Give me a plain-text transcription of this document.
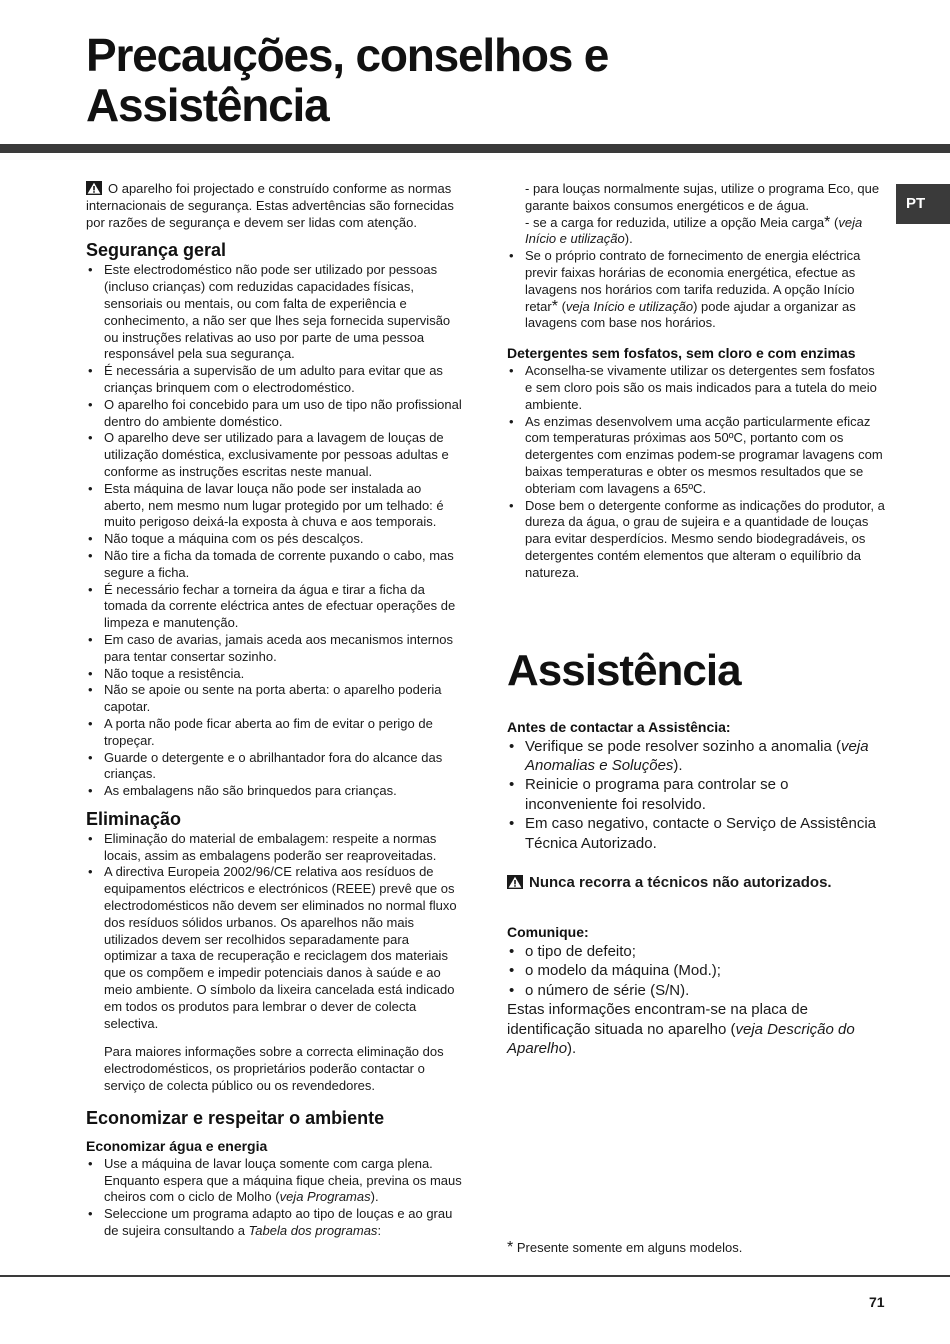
Precauções, conselhos e
Assistência
PT

O aparelho foi projectado e construído conforme as normas internacionais de segurança. Estas advertências são fornecidas por razões de segurança e devem ser lidas com atenção.

Segurança geral
• Este electrodoméstico não pode ser utilizado por pessoas (incluso crianças) com reduzidas capacidades físicas, sensoriais ou mentais, ou com falta de experiência e conhecimento, a não ser que lhes seja fornecida supervisão ou instruções relativas ao uso por parte de uma pessoa responsável pela sua segurança.
• É necessária a supervisão de um adulto para evitar que as crianças brinquem com o electrodoméstico.
• O aparelho foi concebido para um uso de tipo não profissional dentro do ambiente doméstico.
• O aparelho deve ser utilizado para a lavagem de louças de utilização doméstica, exclusivamente por pessoas adultas e conforme as instruções escritas neste manual.
• Esta máquina de lavar louça não pode ser instalada ao aberto, nem mesmo num lugar protegido por um telhado: é muito perigoso deixá-la exposta à chuva e aos temporais.
• Não toque a máquina com os pés descalços.
• Não tire a ficha da tomada de corrente puxando o cabo, mas segure a ficha.
• É necessário fechar a torneira da água e tirar a ficha da tomada da corrente eléctrica antes de efectuar operações de limpeza e manutenção.
• Em caso de avarias, jamais aceda aos mecanismos internos para tentar consertar sozinho.
• Não toque a resistência.
• Não se apoie ou sente na porta aberta: o aparelho poderia capotar.
• A porta não pode ficar aberta ao fim de evitar o perigo de tropeçar.
• Guarde o detergente e o abrilhantador fora do alcance das crianças.
• As embalagens não são brinquedos para crianças.
Eliminação
• Eliminação do material de embalagem: respeite a normas locais, assim as embalagens poderão ser reaproveitadas.
• A directiva Europeia 2002/96/CE relativa aos resíduos de equipamentos eléctricos e electrónicos (REEE) prevê que os electrodomésticos não devem ser eliminados no normal fluxo dos resíduos sólidos urbanos. Os aparelhos não mais utilizados devem ser recolhidos separadamente para optimizar a taxa de recuperação e reciclagem dos materiais que os compõem e impedir potenciais danos à saúde e ao meio ambiente. O símbolo da lixeira cancelada está indicado em todos os produtos para lembrar o dever de colecta selectiva.

Para maiores informações sobre a correcta eliminação dos electrodomésticos, os proprietários poderão contactar o serviço de colecta público ou os revendedores.

Economizar e respeitar o ambiente
Economizar água e energia
• Use a máquina de lavar louça somente com carga plena. Enquanto espera que a máquina fique cheia, previna os maus cheiros com o ciclo de Molho (veja Programas).
• Seleccione um programa adapto ao tipo de louças e ao grau de sujeira consultando a Tabela dos programas:

- para louças normalmente sujas, utilize o programa Eco, que garante baixos consumos energéticos e de água.

- se a carga for reduzida, utilize a opção Meia carga* (veja Início e utilização).

• Se o próprio contrato de fornecimento de energia eléctrica previr faixas horárias de economia energética, efectue as lavagens nos horários com tarifa reduzida. A opção Início retar* (veja Início e utilização) pode ajudar a organizar as lavagens com base nos horários.
Detergentes sem fosfatos, sem cloro e com enzimas
• Aconselha-se vivamente utilizar os detergentes sem fosfatos e sem cloro pois são os mais indicados para a tutela do meio ambiente.
• As enzimas desenvolvem uma acção particularmente eficaz com temperaturas próximas aos 50ºC, portanto com os detergentes com enzimas podem-se programar lavagens com baixas temperaturas e obter os mesmos resultados que se obteriam com lavagens a 65ºC.
• Dose bem o detergente conforme as indicações do produtor, a dureza da água, o grau de sujeira e a quantidade de louças para evitar desperdícios. Mesmo sendo biodegradáveis, os detergentes contém elementos que alteram o equilíbrio da natureza.
Assistência
Antes de contactar a Assistência:
• Verifique se pode resolver sozinho a anomalia (veja Anomalias e Soluções).
• Reinicie o programa para controlar se o inconveniente foi resolvido.
• Em caso negativo, contacte o Serviço de Assistência Técnica Autorizado.

Nunca recorra a técnicos não autorizados.

Comunique:
• o tipo de defeito;
• o modelo da máquina (Mod.);
• o número de série (S/N).

Estas informações encontram-se na placa de identificação situada no aparelho (veja Descrição do Aparelho).

* Presente somente em alguns modelos.

71
